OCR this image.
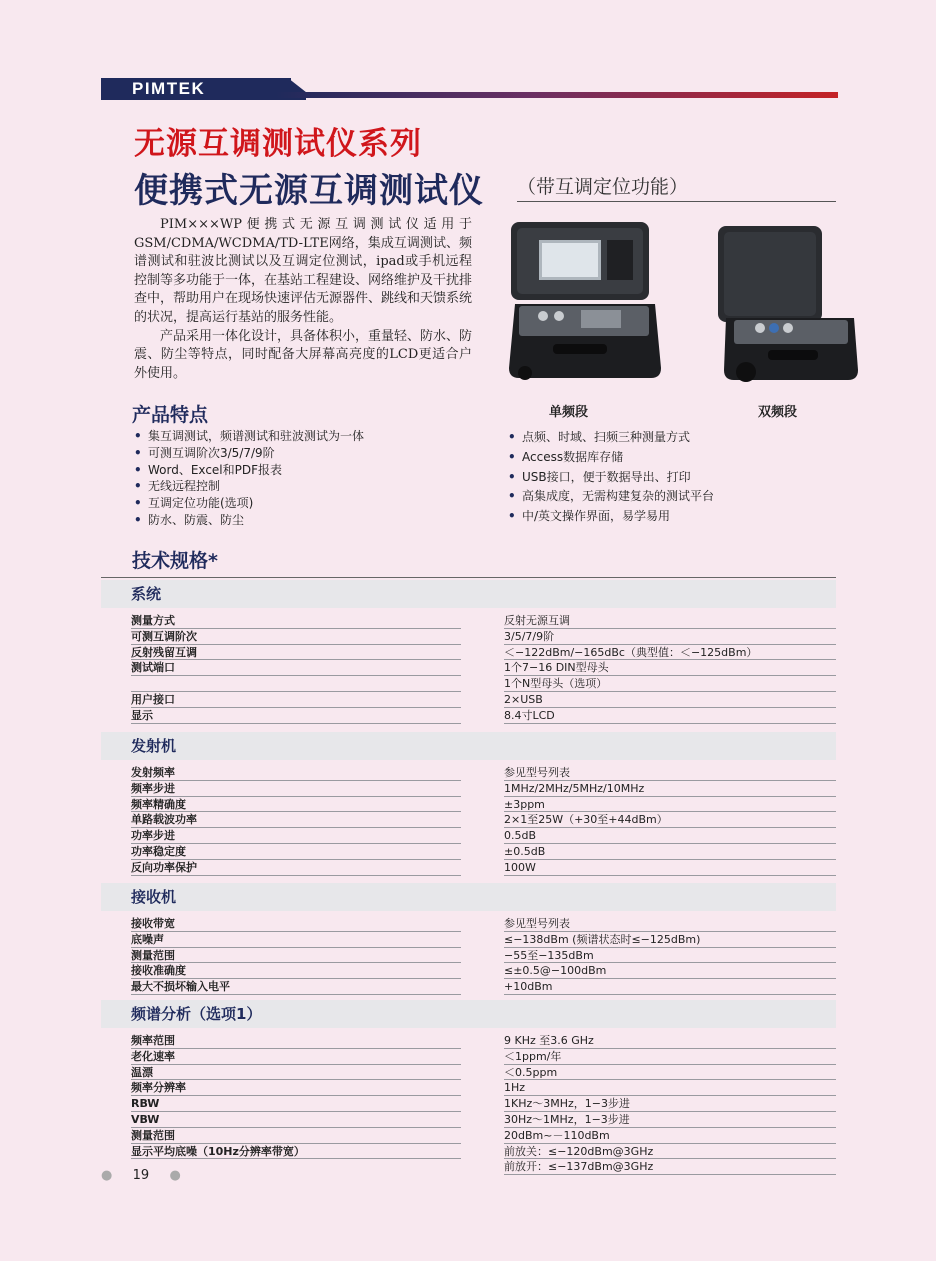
PIMTEK
无源互调测试仪系列
便携式无源互调测试仪 （带互调定位功能）

PIM×××WP便携式无源互调测试仪适用于GSM/CDMA/WCDMA/TD-LTE网络，集成互调测试、频谱测试和驻波比测试以及互调定位测试，ipad或手机远程控制等多功能于一体，在基站工程建设、网络维护及干扰排查中，帮助用户在现场快速评估无源器件、跳线和天馈系统的状况，提高运行基站的服务性能。

产品采用一体化设计，具备体积小，重量轻、防水、防震、防尘等特点，同时配备大屏幕高亮度的LCD更适合户外使用。

单频段	双频段
产品特点
• 集互调测试，频谱测试和驻波测试为一体
• 可测互调阶次3/5/7/9阶
• Word、Excel和PDF报表
• 无线远程控制
• 互调定位功能(选项)
• 防水、防震、防尘
• 点频、时域、扫频三种测量方式
• Access数据库存储
• USB接口，便于数据导出、打印
• 高集成度，无需构建复杂的测试平台
• 中/英文操作界面，易学易用
技术规格*
系统
测量方式	反射无源互调
可测互调阶次	3/5/7/9阶
反射残留互调	＜−122dBm/−165dBc（典型值：＜−125dBm）
测试端口	1个7−16 DIN型母头
1个N型母头（选项）
用户接口	2×USB
显示	8.4寸LCD
发射机
发射频率	参见型号列表
频率步进	1MHz/2MHz/5MHz/10MHz
频率精确度	±3ppm
单路载波功率	2×1至25W（+30至+44dBm）
功率步进	0.5dB
功率稳定度	±0.5dB
反向功率保护	100W
接收机
接收带宽	参见型号列表
底噪声	≤−138dBm (频谱状态时≤−125dBm)
测量范围	−55至−135dBm
接收准确度	≤±0.5@−100dBm
最大不损坏输入电平	+10dBm
频谱分析（选项1）
频率范围	9 KHz 至3.6 GHz
老化速率	＜1ppm/年
温漂	＜0.5ppm
频率分辨率	1Hz
RBW	1KHz～3MHz，1−3步进
VBW	30Hz～1MHz，1−3步进
测量范围	20dBm~－110dBm
显示平均底噪（10Hz分辨率带宽）	前放关：≤−120dBm@3GHz
前放开：≤−137dBm@3GHz
● 19 ●
